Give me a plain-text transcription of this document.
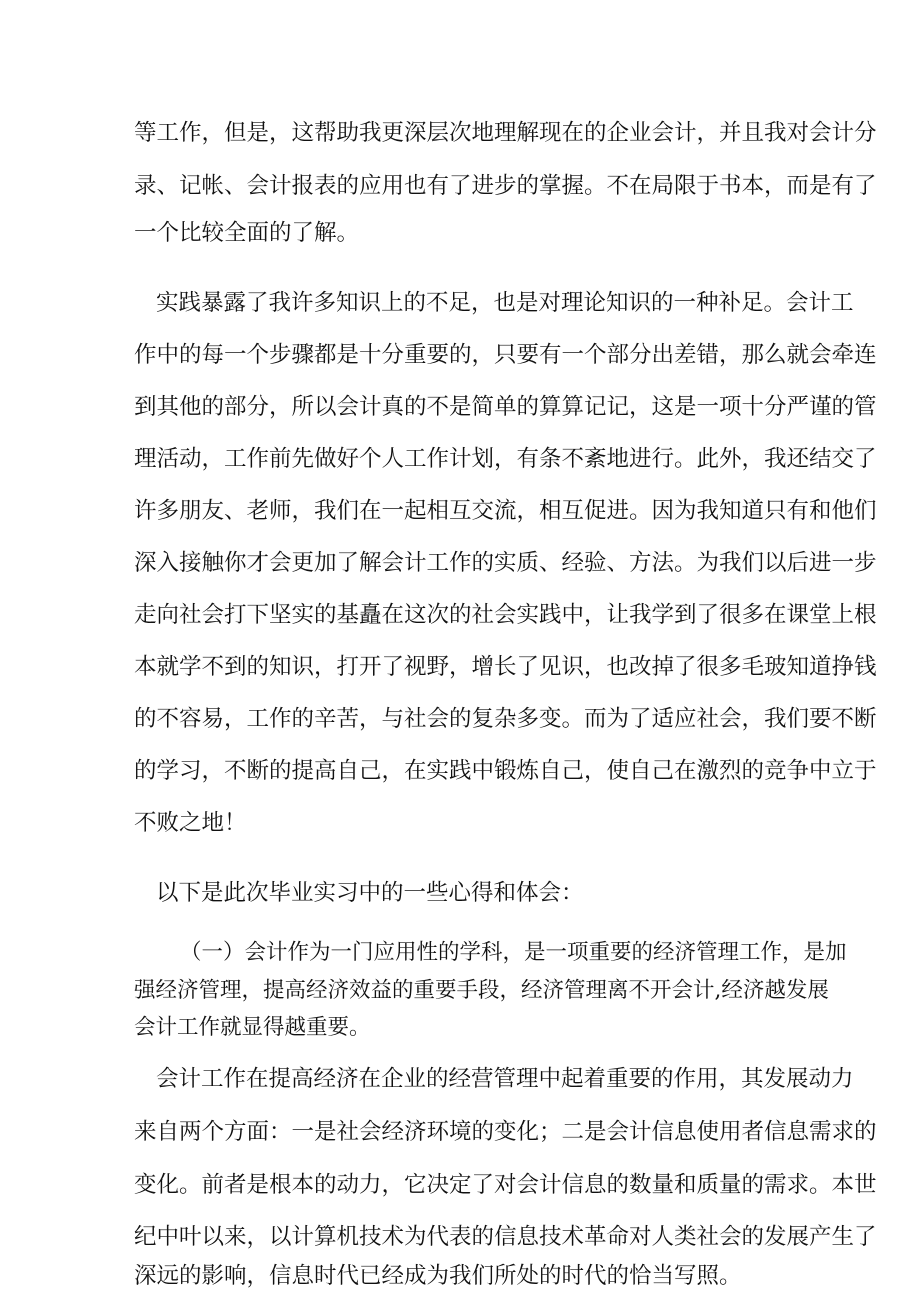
等工作，但是，这帮助我更深层次地理解现在的企业会计，并且我对会计分
录、记帐、会计报表的应用也有了进步的掌握。不在局限于书本，而是有了
一个比较全面的了解。
实践暴露了我许多知识上的不足，也是对理论知识的一种补足。会计工
作中的每一个步骤都是十分重要的，只要有一个部分出差错，那么就会牵连
到其他的部分，所以会计真的不是简单的算算记记，这是一项十分严谨的管
理活动，工作前先做好个人工作计划，有条不紊地进行。此外，我还结交了
许多朋友、老师，我们在一起相互交流，相互促进。因为我知道只有和他们
深入接触你才会更加了解会计工作的实质、经验、方法。为我们以后进一步
走向社会打下坚实的基矗在这次的社会实践中，让我学到了很多在课堂上根
本就学不到的知识，打开了视野，增长了见识，也改掉了很多毛玻知道挣钱
的不容易，工作的辛苦，与社会的复杂多变。而为了适应社会，我们要不断
的学习，不断的提高自己，在实践中锻炼自己，使自己在激烈的竞争中立于
不败之地！
以下是此次毕业实习中的一些心得和体会：
（一）会计作为一门应用性的学科，是一项重要的经济管理工作，是加
强经济管理，提高经济效益的重要手段，经济管理离不开会计,经济越发展
会计工作就显得越重要。
会计工作在提高经济在企业的经营管理中起着重要的作用，其发展动力
来自两个方面：一是社会经济环境的变化；二是会计信息使用者信息需求的
变化。前者是根本的动力，它决定了对会计信息的数量和质量的需求。本世
纪中叶以来，以计算机技术为代表的信息技术革命对人类社会的发展产生了
深远的影响，信息时代已经成为我们所处的时代的恰当写照。
